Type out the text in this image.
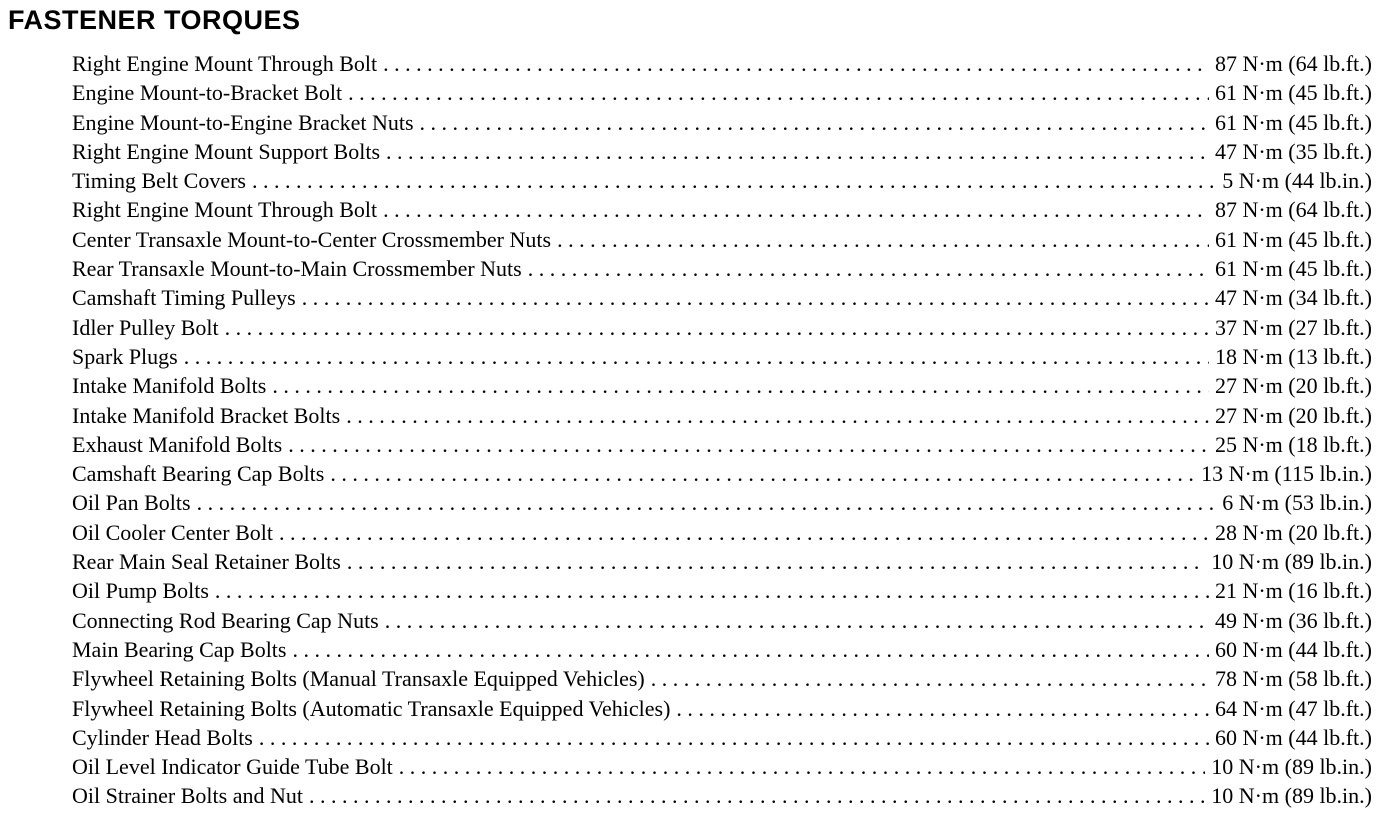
FASTENER TORQUES
Right Engine Mount Through Bolt . . .	87 N·m (64 lb.ft.)
Engine Mount-to-Bracket Bolt . . .	61 N·m (45 lb.ft.)
Engine Mount-to-Engine Bracket Nuts . . .	61 N·m (45 lb.ft.)
Right Engine Mount Support Bolts . . .	47 N·m (35 lb.ft.)
Timing Belt Covers . . .	5 N·m (44 lb.in.)
Right Engine Mount Through Bolt . . .	87 N·m (64 lb.ft.)
Center Transaxle Mount-to-Center Crossmember Nuts . . .	61 N·m (45 lb.ft.)
Rear Transaxle Mount-to-Main Crossmember Nuts . . .	61 N·m (45 lb.ft.)
Camshaft Timing Pulleys . . .	47 N·m (34 lb.ft.)
Idler Pulley Bolt . . .	37 N·m (27 lb.ft.)
Spark Plugs . . .	18 N·m (13 lb.ft.)
Intake Manifold Bolts . . .	27 N·m (20 lb.ft.)
Intake Manifold Bracket Bolts . . .	27 N·m (20 lb.ft.)
Exhaust Manifold Bolts . . .	25 N·m (18 lb.ft.)
Camshaft Bearing Cap Bolts . . .	13 N·m (115 lb.in.)
Oil Pan Bolts . . .	6 N·m (53 lb.in.)
Oil Cooler Center Bolt . . .	28 N·m (20 lb.ft.)
Rear Main Seal Retainer Bolts . . .	10 N·m (89 lb.in.)
Oil Pump Bolts . . .	21 N·m (16 lb.ft.)
Connecting Rod Bearing Cap Nuts . . .	49 N·m (36 lb.ft.)
Main Bearing Cap Bolts . . .	60 N·m (44 lb.ft.)
Flywheel Retaining Bolts (Manual Transaxle Equipped Vehicles) . . .	78 N·m (58 lb.ft.)
Flywheel Retaining Bolts (Automatic Transaxle Equipped Vehicles) . . .	64 N·m (47 lb.ft.)
Cylinder Head Bolts . . .	60 N·m (44 lb.ft.)
Oil Level Indicator Guide Tube Bolt . . .	10 N·m (89 lb.in.)
Oil Strainer Bolts and Nut . . .	10 N·m (89 lb.in.)
